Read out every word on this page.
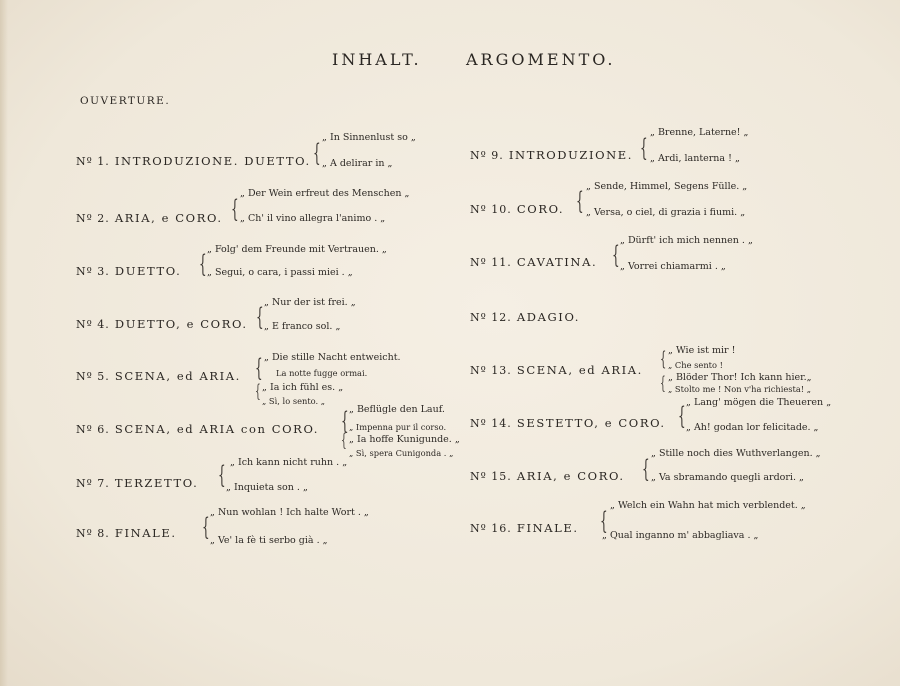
INHALT.	ARGOMENTO.
OUVERTURE.
Nº 1. INTRODUZIONE. DUETTO. {
„ In Sinnenlust so „
„ A delirar in „
Nº 2. ARIA, e CORO. {
„ Der Wein erfreut des Menschen „
„ Ch' il vino allegra l'animo . „
Nº 3. DUETTO. {
„ Folg' dem Freunde mit Vertrauen. „
„ Segui, o cara, i passi miei . „
Nº 4. DUETTO, e CORO. {
„ Nur der ist frei. „
„ E franco sol. „
Nº 5. SCENA, ed ARIA. { „ Die stille Nacht entweicht.
La notte fugge ormai.
{ „ Ia ich fühl es. „
„ Sì, lo sento. „
Nº 6. SCENA, ed ARIA con CORO. { „ Beflügle den Lauf.
„ Impenna pur il corso.
{ „ Ia hoffe Kunigunde. „
„ Sì, spera Cunigonda . „
Nº 7. TERZETTO. { „ Ich kann nicht ruhn . „
„ Inquieta son . „
Nº 8. FINALE. {
„ Nun wohlan ! Ich halte Wort . „
„ Ve' la fè ti serbo già . „
Nº 9. INTRODUZIONE. {
„ Brenne, Laterne! „
„ Ardi, lanterna ! „
Nº 10. CORO. {
„ Sende, Himmel, Segens Fülle. „
„ Versa, o ciel, di grazia i fiumi. „
Nº 11. CAVATINA. {
„ Dürft' ich mich nennen . „
„ Vorrei chiamarmi . „
Nº 12. ADAGIO.
Nº 13. SCENA, ed ARIA. {
{
„ Wie ist mir !
„ Che sento !
„ Blöder Thor! Ich kann hier.„
„ Stolto me ! Non v'ha richiesta! „
Nº 14. SESTETTO, e CORO. { „ Lang' mögen die Theueren „
„ Ah! godan lor felicitade. „
Nº 15. ARIA, e CORO. {
„ Stille noch dies Wuthverlangen. „
„ Va sbramando quegli ardori. „
Nº 16. FINALE. {
„ Welch ein Wahn hat mich verblendet. „
„ Qual inganno m' abbagliava . „
